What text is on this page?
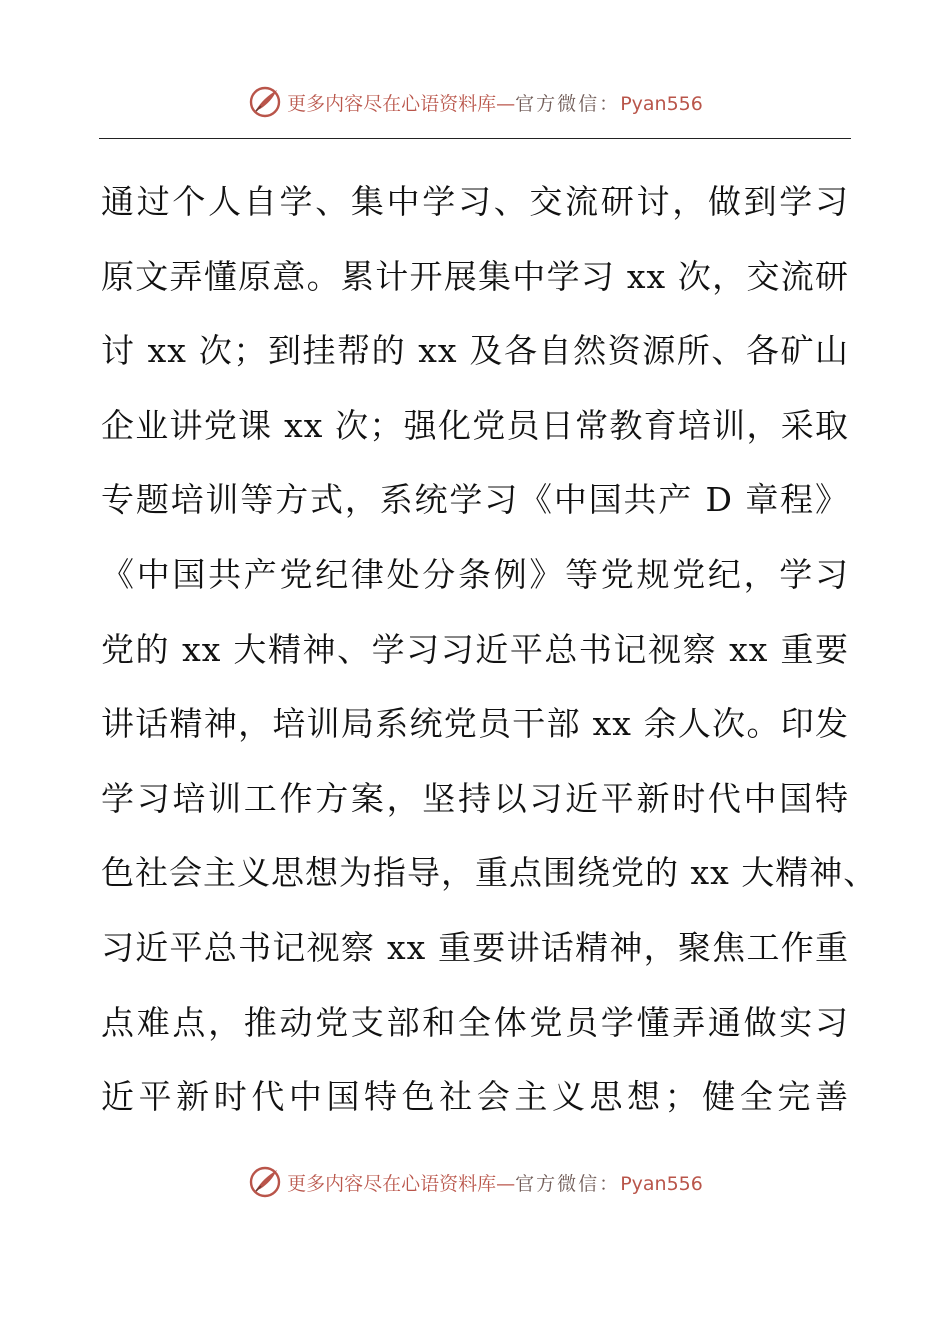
更多内容尽在心语资料库—官方微信：Pyan556
通过个人自学、集中学习、交流研讨，做到学习
原文弄懂原意。累计开展集中学习 xx 次，交流研
讨 xx 次；到挂帮的 xx 及各自然资源所、各矿山
企业讲党课 xx 次；强化党员日常教育培训，采取
专题培训等方式，系统学习《中国共产 D 章程》
《中国共产党纪律处分条例》等党规党纪，学习
党的 xx 大精神、学习习近平总书记视察 xx 重要
讲话精神，培训局系统党员干部 xx 余人次。印发
学习培训工作方案，坚持以习近平新时代中国特
色社会主义思想为指导，重点围绕党的 xx 大精神、
习近平总书记视察 xx 重要讲话精神，聚焦工作重
点难点，推动党支部和全体党员学懂弄通做实习
近平新时代中国特色社会主义思想；健全完善
更多内容尽在心语资料库—官方微信：Pyan556
